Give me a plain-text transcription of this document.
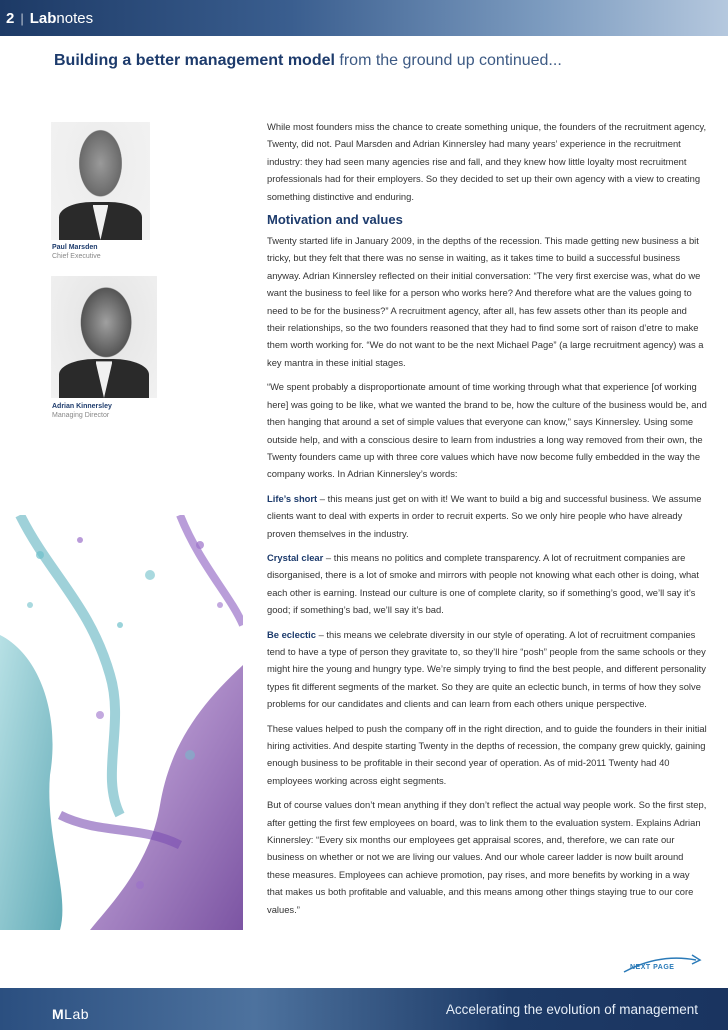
2 | Labnotes
Building a better management model from the ground up continued...
Paul Marsden
Chief Executive
Adrian Kinnersley
Managing Director

While most founders miss the chance to create something unique, the founders of the recruitment agency, Twenty, did not. Paul Marsden and Adrian Kinnersley had many years’ experience in the recruitment industry: they had seen many agencies rise and fall, and they knew how little loyalty most recruitment professionals had for their employers. So they decided to set up their own agency with a view to creating something distinctive and enduring.

Motivation and values

Twenty started life in January 2009, in the depths of the recession. This made getting new business a bit tricky, but they felt that there was no sense in waiting, as it takes time to build a successful business anyway. Adrian Kinnersley reflected on their initial conversation: “The very first exercise was, what do we want the business to feel like for a person who works here? And therefore what are the values going to need to be for the business?” A recruitment agency, after all, has few assets other than its people and their relationships, so the two founders reasoned that they had to find some sort of raison d’etre to make them worth working for. “We do not want to be the next Michael Page” (a large recruitment agency) was a key mantra in these initial stages.

“We spent probably a disproportionate amount of time working through what that experience [of working here] was going to be like, what we wanted the brand to be, how the culture of the business would be, and then hanging that around a set of simple values that everyone can know,” says Kinnersley. Using some outside help, and with a conscious desire to learn from industries a long way removed from their own, the Twenty founders came up with three core values which have now become fully embedded in the way the company works. In Adrian Kinnersley’s words:

Life’s short – this means just get on with it! We want to build a big and successful business. We assume clients want to deal with experts in order to recruit experts. So we only hire people who have already proven themselves in the industry.

Crystal clear – this means no politics and complete transparency. A lot of recruitment companies are disorganised, there is a lot of smoke and mirrors with people not knowing what each other is doing, what each other is earning. Instead our culture is one of complete clarity, so if something’s good, we’ll say it’s good; if something’s bad, we’ll say it’s bad.

Be eclectic – this means we celebrate diversity in our style of operating. A lot of recruitment companies tend to have a type of person they gravitate to, so they’ll hire “posh” people from the same schools or they might hire the young and hungry type. We’re simply trying to find the best people, and different personality types fit different segments of the market. So they are quite an eclectic bunch, in terms of how they solve problems for our candidates and clients and can learn from each others unique perspective.

These values helped to push the company off in the right direction, and to guide the founders in their initial hiring activities. And despite starting Twenty in the depths of recession, the company grew quickly, gaining enough business to be profitable in their second year of operation. As of mid-2011 Twenty had 40 employees working across eight segments.

But of course values don’t mean anything if they don’t reflect the actual way people work. So the first step, after getting the first few employees on board, was to link them to the evaluation system. Explains Adrian Kinnersley: “Every six months our employees get appraisal scores, and, therefore, we can rate our business on whether or not we are living our values. And our whole career ladder is now built around these measures. Employees can achieve promotion, pay rises, and more benefits by working in a way that makes us both profitable and valuable, and this means among other things staying true to our core values.”

NEXT PAGE
MLab	Accelerating the evolution of management
